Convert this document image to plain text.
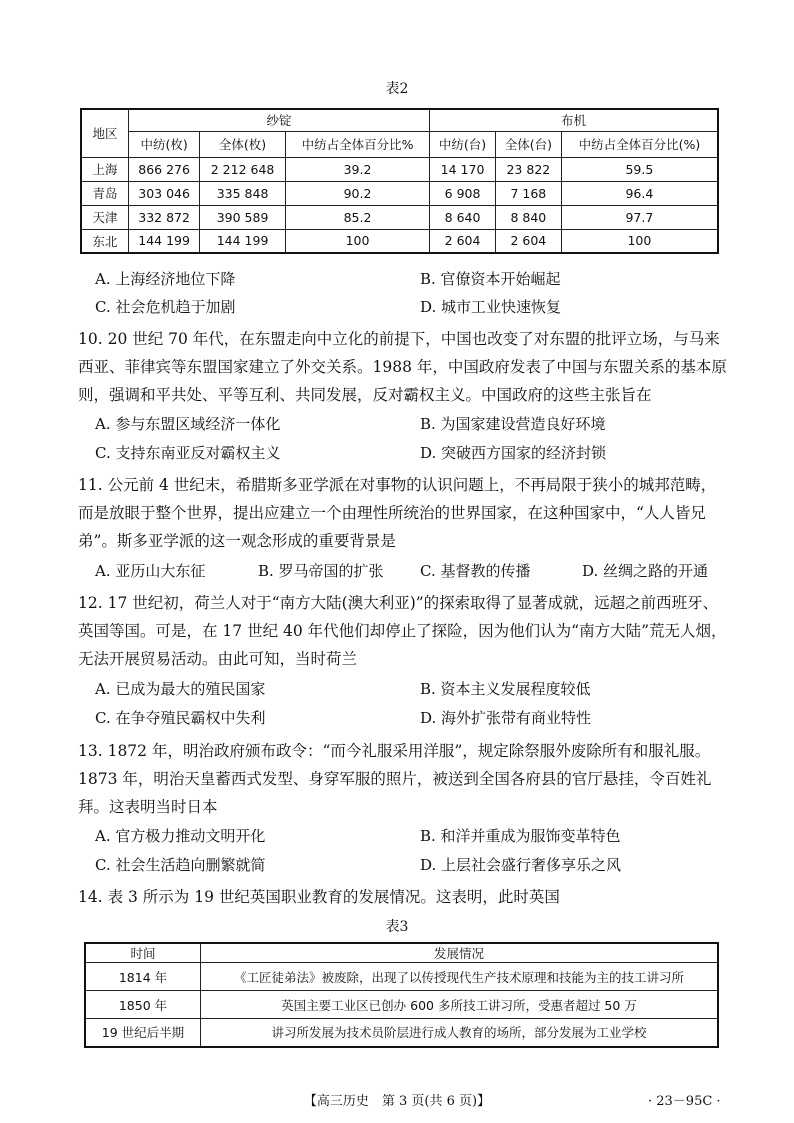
表2
地区	纱锭			布机		
	中纺(枚)	全体(枚)	中纺占全体百分比%	中纺(台)	全体(台)	中纺占全体百分比(%)
上海	866 276	2 212 648	39.2	14 170	23 822	59.5
青岛	303 046	335 848	90.2	6 908	7 168	96.4
天津	332 872	390 589	85.2	8 640	8 840	97.7
东北	144 199	144 199	100	2 604	2 604	100
A. 上海经济地位下降	B. 官僚资本开始崛起
C. 社会危机趋于加剧	D. 城市工业快速恢复
10. 20 世纪 70 年代，在东盟走向中立化的前提下，中国也改变了对东盟的批评立场，与马来西亚、菲律宾等东盟国家建立了外交关系。1988 年，中国政府发表了中国与东盟关系的基本原则，强调和平共处、平等互利、共同发展，反对霸权主义。中国政府的这些主张旨在
A. 参与东盟区域经济一体化	B. 为国家建设营造良好环境
C. 支持东南亚反对霸权主义	D. 突破西方国家的经济封锁
11. 公元前 4 世纪末，希腊斯多亚学派在对事物的认识问题上，不再局限于狭小的城邦范畴，而是放眼于整个世界，提出应建立一个由理性所统治的世界国家，在这种国家中，“人人皆兄弟”。斯多亚学派的这一观念形成的重要背景是
A. 亚历山大东征	B. 罗马帝国的扩张 C. 基督教的传播	D. 丝绸之路的开通
12. 17 世纪初，荷兰人对于“南方大陆(澳大利亚)”的探索取得了显著成就，远超之前西班牙、英国等国。可是，在 17 世纪 40 年代他们却停止了探险，因为他们认为“南方大陆”荒无人烟，无法开展贸易活动。由此可知，当时荷兰
A. 已成为最大的殖民国家	B. 资本主义发展程度较低
C. 在争夺殖民霸权中失利	D. 海外扩张带有商业特性
13. 1872 年，明治政府颁布政令：“而今礼服采用洋服”，规定除祭服外废除所有和服礼服。1873 年，明治天皇蓄西式发型、身穿军服的照片，被送到全国各府县的官厅悬挂，令百姓礼拜。这表明当时日本
A. 官方极力推动文明开化	B. 和洋并重成为服饰变革特色
C. 社会生活趋向删繁就简	D. 上层社会盛行奢侈享乐之风
14. 表 3 所示为 19 世纪英国职业教育的发展情况。这表明，此时英国
表3
时间	发展情况
1814 年	《工匠徒弟法》被废除，出现了以传授现代生产技术原理和技能为主的技工讲习所
1850 年	英国主要工业区已创办 600 多所技工讲习所，受惠者超过 50 万
19 世纪后半期	讲习所发展为技术员阶层进行成人教育的场所，部分发展为工业学校
【高三历史　第 3 页(共 6 页)】	· 23－95C ·
